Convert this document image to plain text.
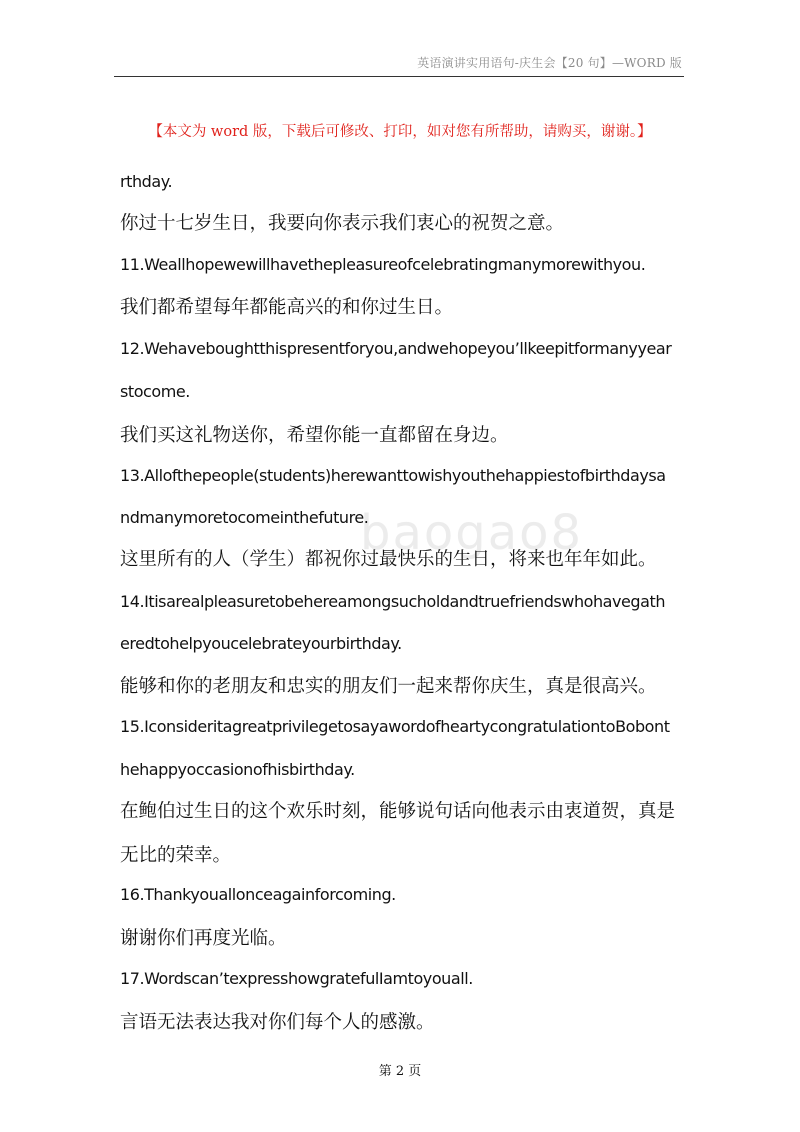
英语演讲实用语句-庆生会【20 句】—WORD 版
【本文为 word 版，下载后可修改、打印，如对您有所帮助，请购买，谢谢。】
baogao8
rthday.
你过十七岁生日，我要向你表示我们衷心的祝贺之意。
11.Weallhopewewillhavethepleasureofcelebratingmanymorewithyou.
我们都希望每年都能高兴的和你过生日。
12.Wehaveboughtthispresentforyou,andwehopeyou’llkeepitformanyyear
stocome.
我们买这礼物送你，希望你能一直都留在身边。
13.Allofthepeople(students)herewanttowishyouthehappiestofbirthdaysa
ndmanymoretocomeinthefuture.
这里所有的人（学生）都祝你过最快乐的生日，将来也年年如此。
14.Itisarealpleasuretobehereamongsucholdandtruefriendswhohavegath
eredtohelpyoucelebrateyourbirthday.
能够和你的老朋友和忠实的朋友们一起来帮你庆生，真是很高兴。
15.IconsideritagreatprivilegetosayawordofheartycongratulationtoBobont
hehappyoccasionofhisbirthday.
在鲍伯过生日的这个欢乐时刻，能够说句话向他表示由衷道贺，真是
无比的荣幸。
16.Thankyouallonceagainforcoming.
谢谢你们再度光临。
17.Wordscan’texpresshowgratefulIamtoyouall.
言语无法表达我对你们每个人的感激。
第 2 页
